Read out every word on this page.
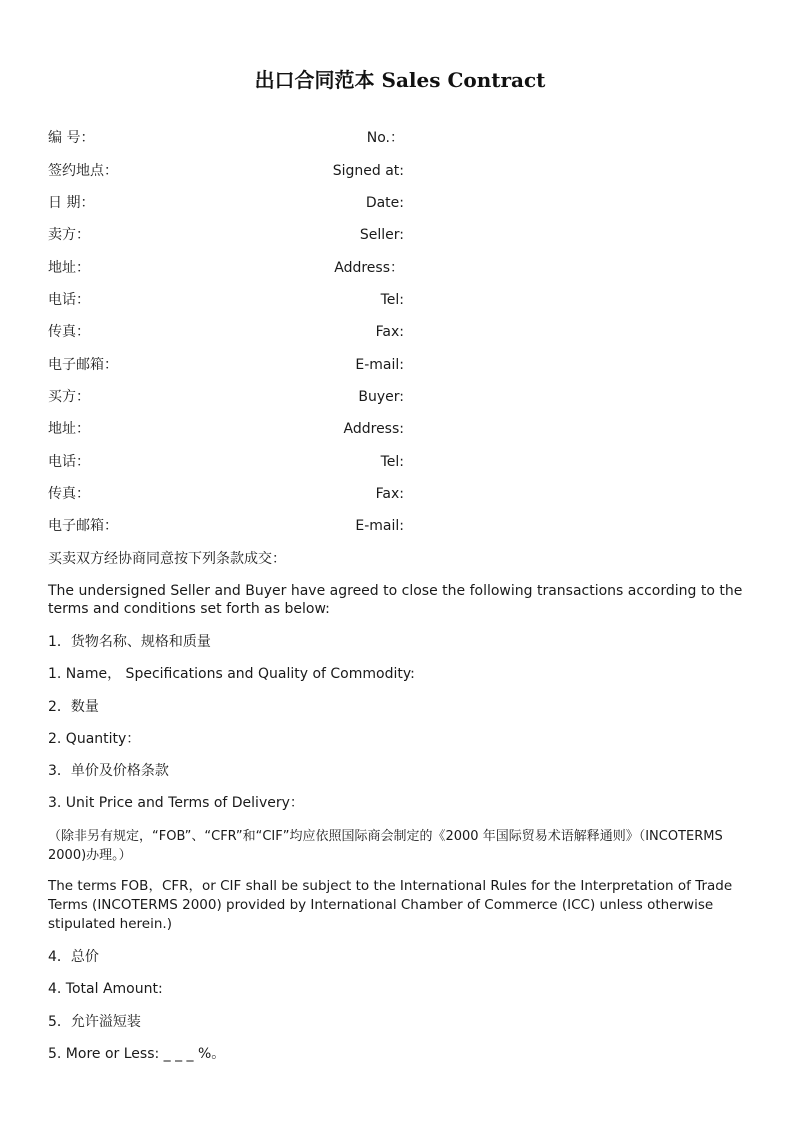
出口合同范本 Sales Contract
编 号：	No.：
签约地点：	Signed at:
日 期：	Date:
卖方：	Seller:
地址：	Address：
电话：	Tel:
传真：	Fax:
电子邮箱：	E-mail:
买方：	Buyer:
地址：	Address:
电话：	Tel:
传真：	Fax:
电子邮箱：	E-mail:
买卖双方经协商同意按下列条款成交：
The undersigned Seller and Buyer have agreed to close the following transactions according to the terms and conditions set forth as below:
1．货物名称、规格和质量
1. Name， Specifications and Quality of Commodity:
2．数量
2. Quantity：
3．单价及价格条款
3. Unit Price and Terms of Delivery：
（除非另有规定，“FOB”、“CFR”和“CIF”均应依照国际商会制定的《2000 年国际贸易术语解释通则》（INCOTERMS 2000)办理。）
The terms FOB，CFR，or CIF shall be subject to the International Rules for the Interpretation of Trade Terms (INCOTERMS 2000) provided by International Chamber of Commerce (ICC) unless otherwise stipulated herein.)
4．总价
4. Total Amount:
5．允许溢短装
5. More or Less: _ _ _ %。
